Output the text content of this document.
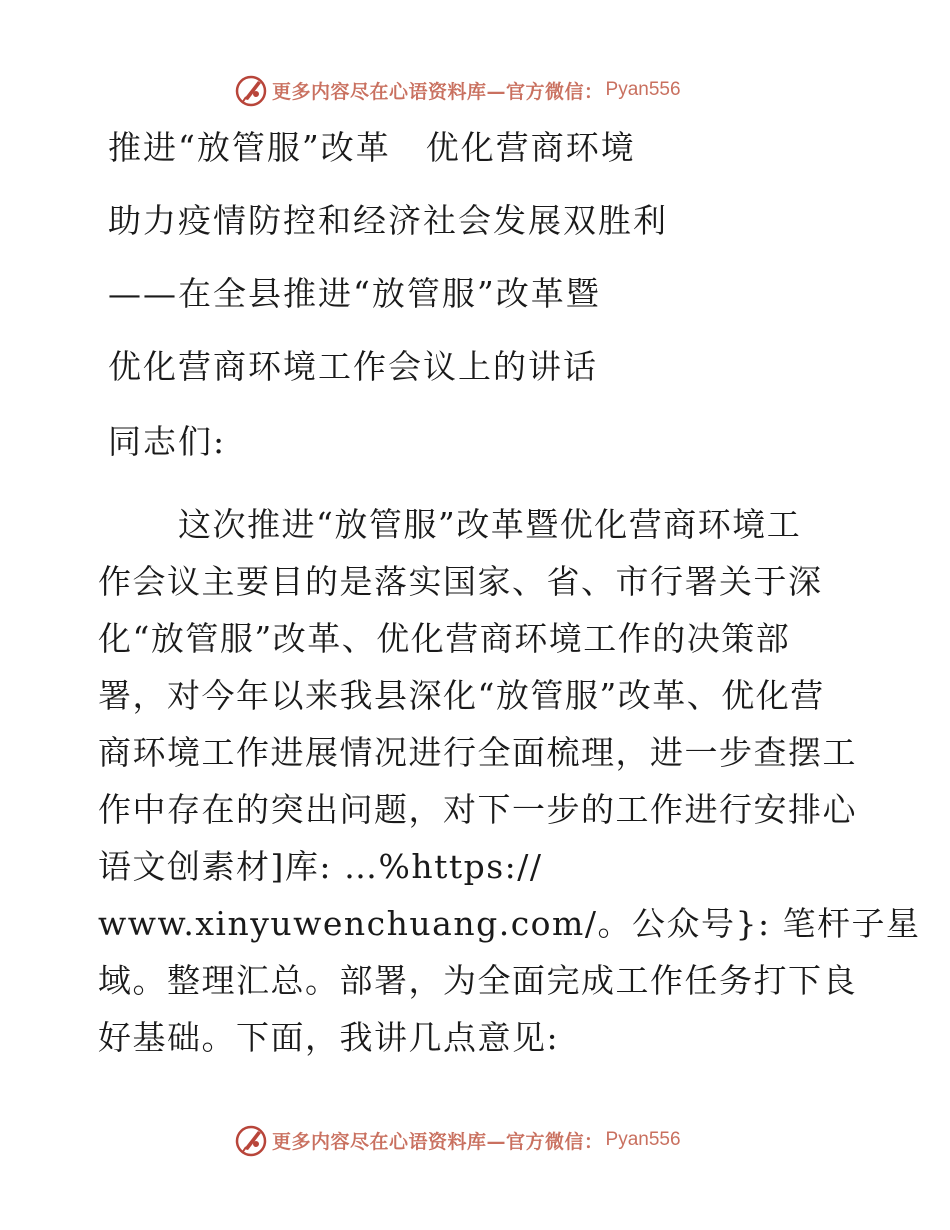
更多内容尽在心语资料库—官方微信： Pyan556
推进“放管服”改革　优化营商环境
助力疫情防控和经济社会发展双胜利
——在全县推进“放管服”改革暨
优化营商环境工作会议上的讲话
同志们:
这次推进“放管服”改革暨优化营商环境工
作会议主要目的是落实国家、省、市行署关于深
化“放管服”改革、优化营商环境工作的决策部
署，对今年以来我县深化“放管服”改革、优化营
商环境工作进展情况进行全面梳理，进一步查摆工
作中存在的突出问题，对下一步的工作进行安排心
语文创素材]库: …%https://
www.xinyuwenchuang.com/。公众号}: 笔杆子星
域。整理汇总。部署，为全面完成工作任务打下良
好基础。下面，我讲几点意见:
更多内容尽在心语资料库—官方微信： Pyan556
